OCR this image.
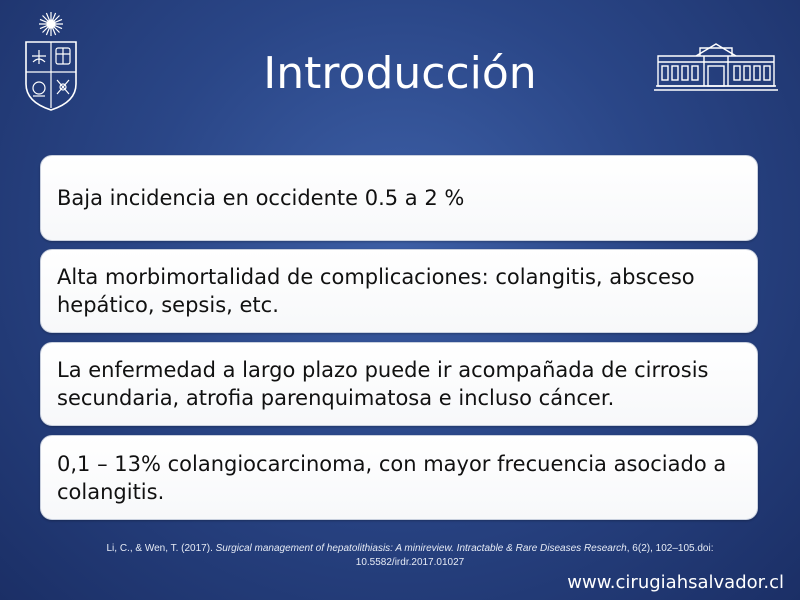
Introducción
Baja incidencia en occidente 0.5 a 2 %
Alta morbimortalidad de complicaciones: colangitis, absceso hepático, sepsis, etc.
La enfermedad a largo plazo puede ir acompañada de cirrosis secundaria, atrofia parenquimatosa e incluso cáncer.
0,1 – 13% colangiocarcinoma, con mayor frecuencia asociado a colangitis.
Li, C., & Wen, T. (2017). Surgical management of hepatolithiasis: A minireview. Intractable & Rare Diseases Research, 6(2), 102–105.doi:
10.5582/irdr.2017.01027
www.cirugiahsalvador.cl
